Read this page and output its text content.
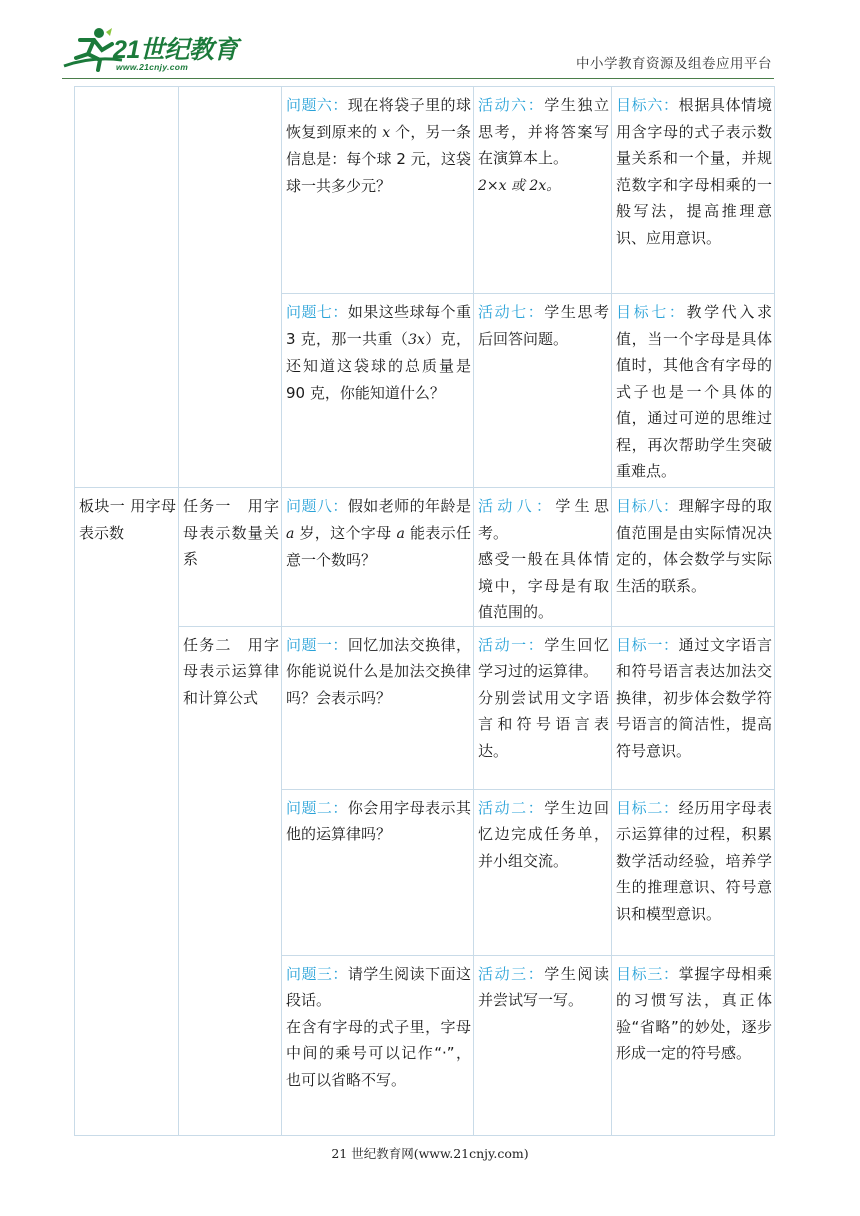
21世纪教育
www.21cnjy.com	中小学教育资源及组卷应用平台
		问题六：现在将袋子里的球恢复到原来的 x 个，另一条信息是：每个球 2 元，这袋球一共多少元？	活动六：学生独立思考，并将答案写在演算本上。
2×x 或 2x。	目标六：根据具体情境用含字母的式子表示数量关系和一个量，并规范数字和字母相乘的一般写法，提高推理意识、应用意识。
		问题七：如果这些球每个重 3 克，那一共重（3x）克，还知道这袋球的总质量是 90 克，你能知道什么？	活动七：学生思考后回答问题。	目标七：教学代入求值，当一个字母是具体值时，其他含有字母的式子也是一个具体的值，通过可逆的思维过程，再次帮助学生突破重难点。
板块一 用字母表示数	任务一　用字母表示数量关系	问题八：假如老师的年龄是 a 岁，这个字母 a 能表示任意一个数吗？	活动八：学生思考。
感受一般在具体情境中，字母是有取值范围的。	目标八：理解字母的取值范围是由实际情况决定的，体会数学与实际生活的联系。
	任务二　用字母表示运算律和计算公式	问题一：回忆加法交换律，你能说说什么是加法交换律吗？会表示吗？	活动一：学生回忆学习过的运算律。
分别尝试用文字语言和符号语言表达。	目标一：通过文字语言和符号语言表达加法交换律，初步体会数学符号语言的简洁性，提高符号意识。
		问题二：你会用字母表示其他的运算律吗？	活动二：学生边回忆边完成任务单，并小组交流。	目标二：经历用字母表示运算律的过程，积累数学活动经验，培养学生的推理意识、符号意识和模型意识。
		问题三：请学生阅读下面这段话。
在含有字母的式子里，字母中间的乘号可以记作“·”，也可以省略不写。	活动三：学生阅读并尝试写一写。	目标三：掌握字母相乘的习惯写法，真正体验“省略”的妙处，逐步形成一定的符号感。
21 世纪教育网(www.21cnjy.com)
